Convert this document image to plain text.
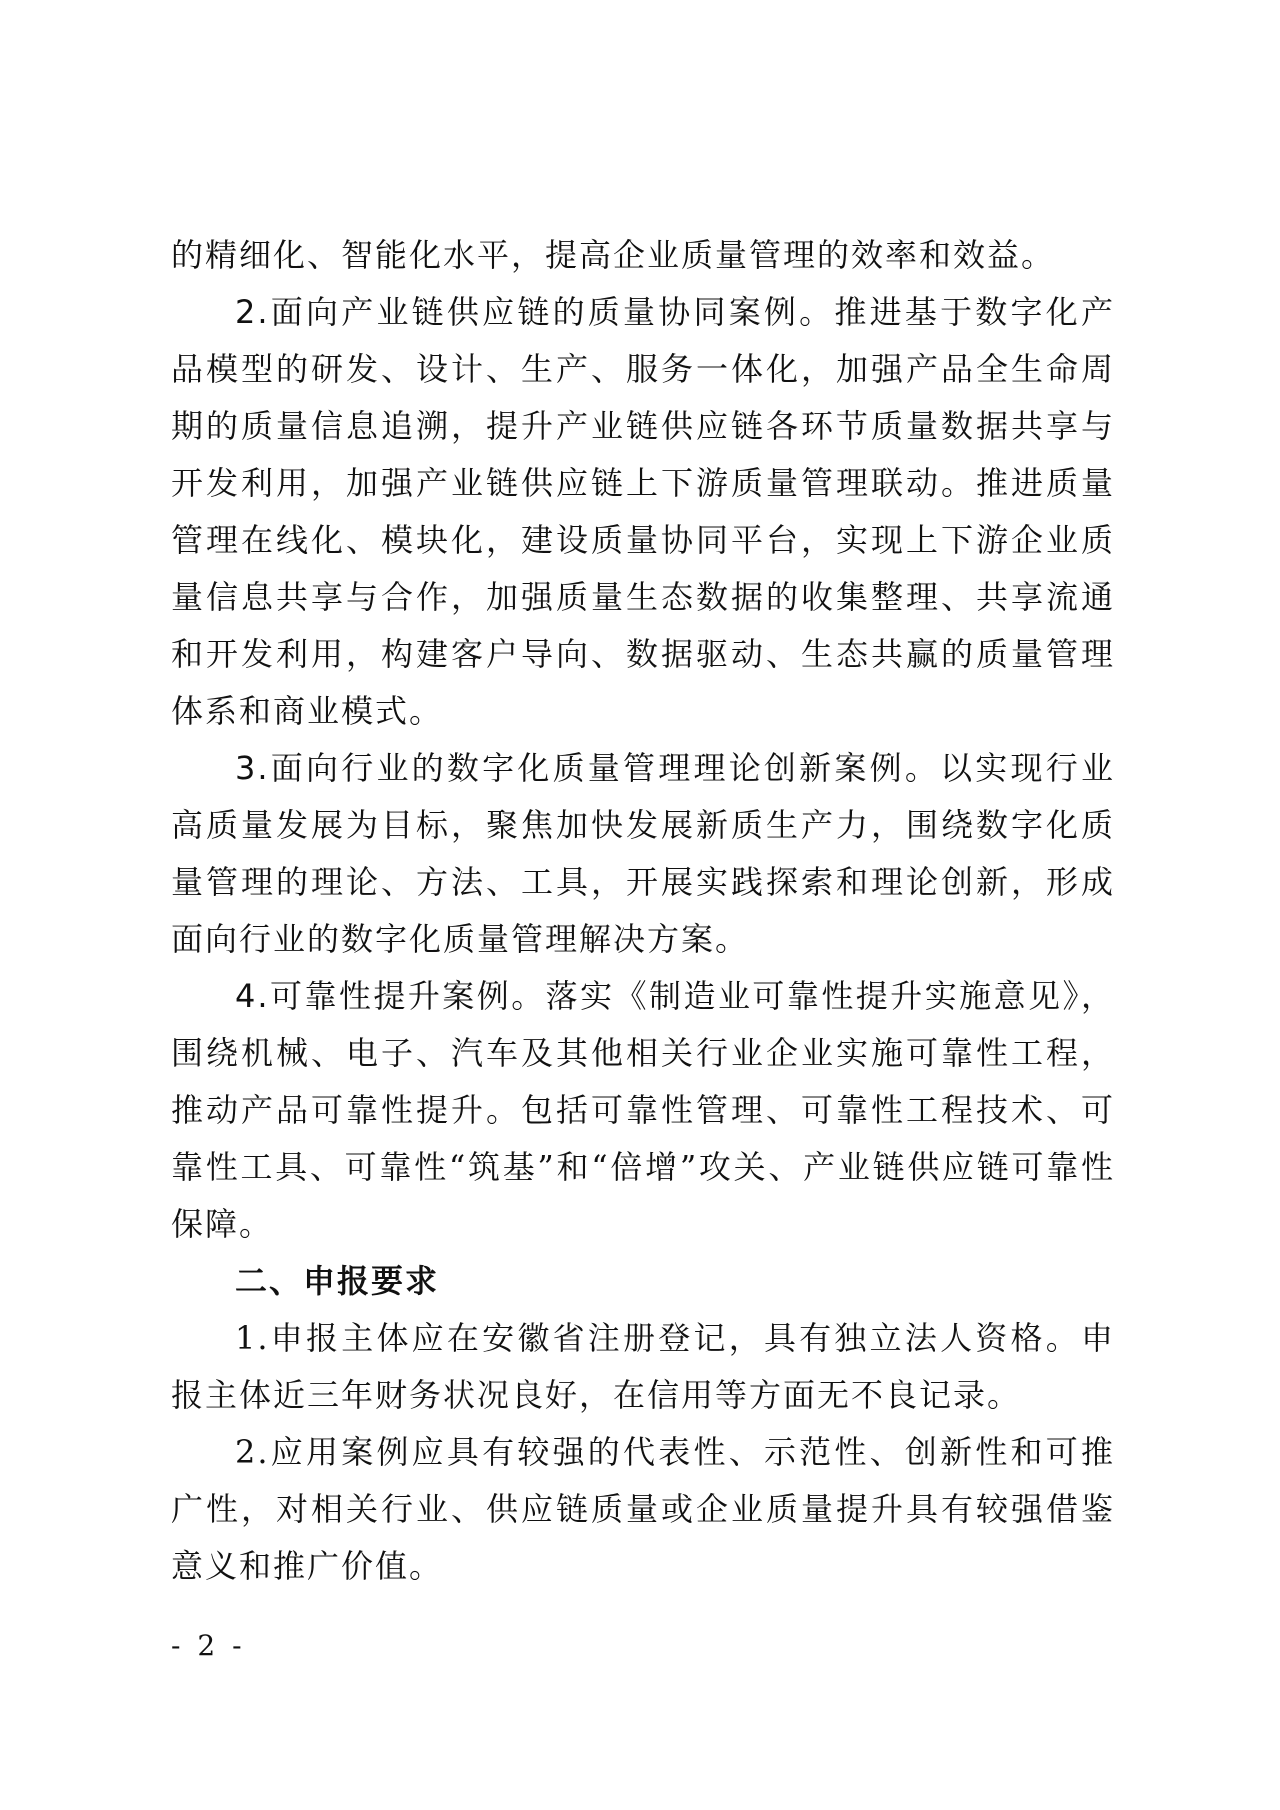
的精细化、智能化水平，提高企业质量管理的效率和效益。

2.面向产业链供应链的质量协同案例。推进基于数字化产品模型的研发、设计、生产、服务一体化，加强产品全生命周期的质量信息追溯，提升产业链供应链各环节质量数据共享与开发利用，加强产业链供应链上下游质量管理联动。推进质量管理在线化、模块化，建设质量协同平台，实现上下游企业质量信息共享与合作，加强质量生态数据的收集整理、共享流通和开发利用，构建客户导向、数据驱动、生态共赢的质量管理体系和商业模式。

3.面向行业的数字化质量管理理论创新案例。以实现行业高质量发展为目标，聚焦加快发展新质生产力，围绕数字化质量管理的理论、方法、工具，开展实践探索和理论创新，形成面向行业的数字化质量管理解决方案。

4.可靠性提升案例。落实《制造业可靠性提升实施意见》，围绕机械、电子、汽车及其他相关行业企业实施可靠性工程，推动产品可靠性提升。包括可靠性管理、可靠性工程技术、可靠性工具、可靠性“筑基”和“倍增”攻关、产业链供应链可靠性保障。

二、申报要求

1.申报主体应在安徽省注册登记，具有独立法人资格。申报主体近三年财务状况良好，在信用等方面无不良记录。

2.应用案例应具有较强的代表性、示范性、创新性和可推广性，对相关行业、供应链质量或企业质量提升具有较强借鉴意义和推广价值。

- 2 -
